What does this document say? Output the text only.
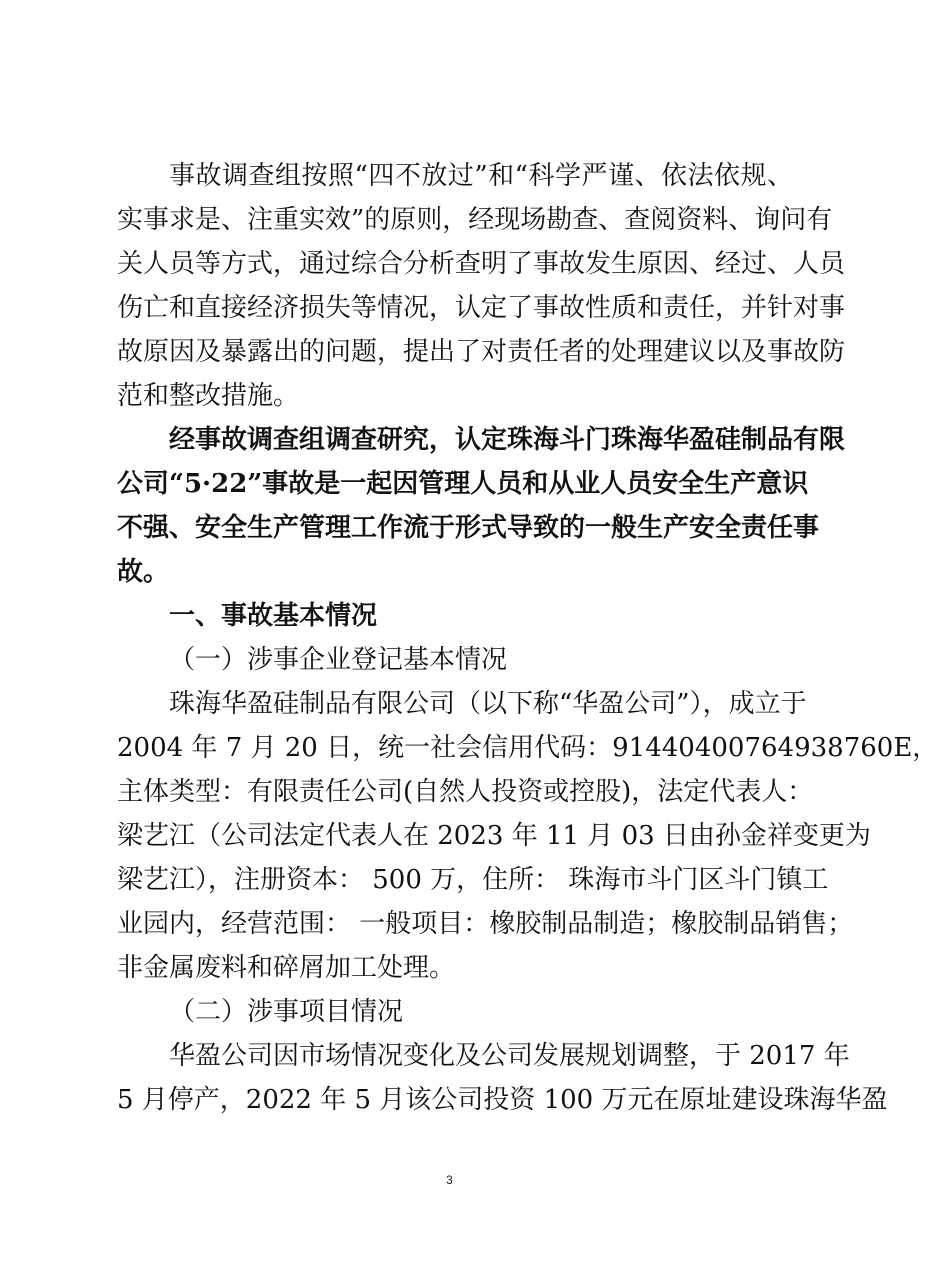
事故调查组按照“四不放过”和“科学严谨、依法依规、
实事求是、注重实效”的原则，经现场勘查、查阅资料、询问有
关人员等方式，通过综合分析查明了事故发生原因、经过、人员
伤亡和直接经济损失等情况，认定了事故性质和责任，并针对事
故原因及暴露出的问题，提出了对责任者的处理建议以及事故防
范和整改措施。
经事故调查组调查研究，认定珠海斗门珠海华盈硅制品有限
公司“5·22”事故是一起因管理人员和从业人员安全生产意识
不强、安全生产管理工作流于形式导致的一般生产安全责任事
故。
一、事故基本情况
（一）涉事企业登记基本情况
珠海华盈硅制品有限公司（以下称“华盈公司”），成立于
2004 年 7 月 20 日，统一社会信用代码：91440400764938760E，
主体类型：有限责任公司(自然人投资或控股)，法定代表人：
梁艺江（公司法定代表人在 2023 年 11 月 03 日由孙金祥变更为
梁艺江），注册资本： 500 万，住所： 珠海市斗门区斗门镇工
业园内，经营范围： 一般项目：橡胶制品制造；橡胶制品销售；
非金属废料和碎屑加工处理。
（二）涉事项目情况
华盈公司因市场情况变化及公司发展规划调整，于 2017 年
5 月停产，2022 年 5 月该公司投资 100 万元在原址建设珠海华盈
3
